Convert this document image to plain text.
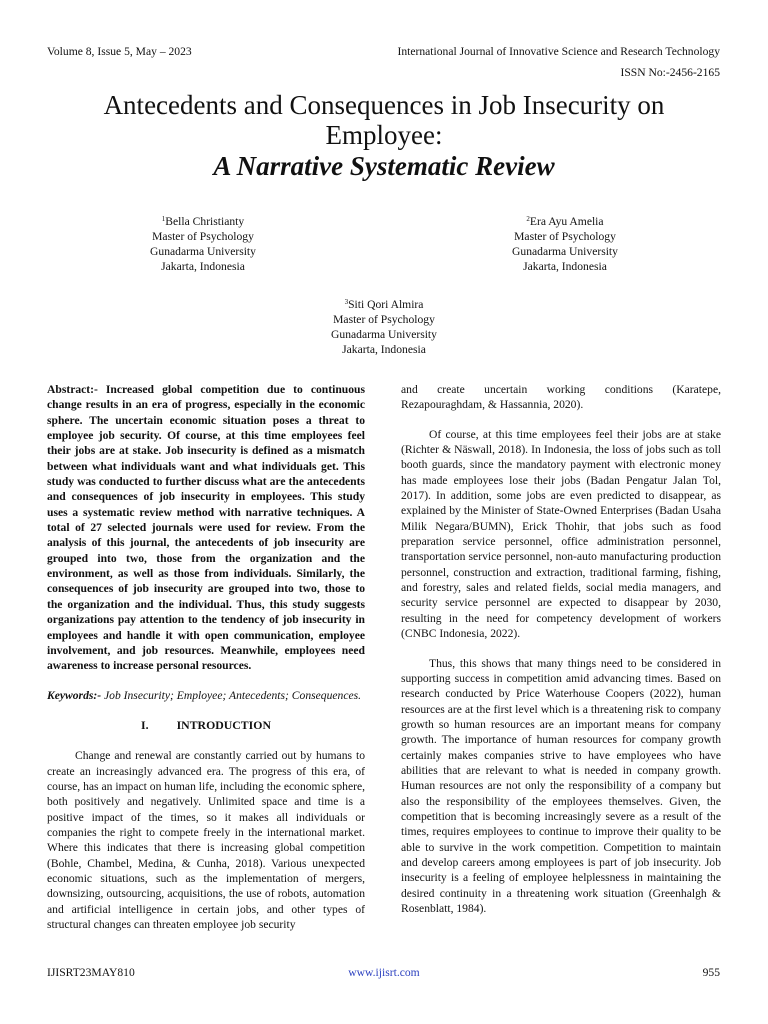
Volume 8, Issue 5, May – 2023	International Journal of Innovative Science and Research Technology
ISSN No:-2456-2165
Antecedents and Consequences in Job Insecurity on
Employee:
A Narrative Systematic Review
$^1$Bella Christianty
Master of Psychology
Gunadarma University
Jakarta, Indonesia
$^2$Era Ayu Amelia
Master of Psychology
Gunadarma University
Jakarta, Indonesia
$^3$Siti Qori Almira
Master of Psychology
Gunadarma University
Jakarta, Indonesia

Abstract:- Increased global competition due to continuous change results in an era of progress, especially in the economic sphere. The uncertain economic situation poses a threat to employee job security. Of course, at this time employees feel their jobs are at stake. Job insecurity is defined as a mismatch between what individuals want and what individuals get. This study was conducted to further discuss what are the antecedents and consequences of job insecurity in employees. This study uses a systematic review method with narrative techniques. A total of 27 selected journals were used for review. From the analysis of this journal, the antecedents of job insecurity are grouped into two, those from the organization and the environment, as well as those from individuals. Similarly, the consequences of job insecurity are grouped into two, those to the organization and the individual. Thus, this study suggests organizations pay attention to the tendency of job insecurity in employees and handle it with open communication, employee involvement, and job resources. Meanwhile, employees need awareness to increase personal resources.

Keywords:- Job Insecurity; Employee; Antecedents; Consequences.

I. INTRODUCTION

Change and renewal are constantly carried out by humans to create an increasingly advanced era. The progress of this era, of course, has an impact on human life, including the economic sphere, both positively and negatively. Unlimited space and time is a positive impact of the times, so it makes all individuals or companies the right to compete freely in the international market. Where this indicates that there is increasing global competition (Bohle, Chambel, Medina, & Cunha, 2018). Various unexpected economic situations, such as the implementation of mergers, downsizing, outsourcing, acquisitions, the use of robots, automation and artificial intelligence in certain jobs, and other types of structural changes can threaten employee job security

and create uncertain working conditions (Karatepe, Rezapouraghdam, & Hassannia, 2020).

Of course, at this time employees feel their jobs are at stake (Richter & Näswall, 2018). In Indonesia, the loss of jobs such as toll booth guards, since the mandatory payment with electronic money has made employees lose their jobs (Badan Pengatur Jalan Tol, 2017). In addition, some jobs are even predicted to disappear, as explained by the Minister of State-Owned Enterprises (Badan Usaha Milik Negara/BUMN), Erick Thohir, that jobs such as food preparation service personnel, office administration personnel, transportation service personnel, non-auto manufacturing production personnel, construction and extraction, traditional farming, fishing, and forestry, sales and related fields, social media managers, and security service personnel are expected to disappear by 2030, resulting in the need for competency development of workers (CNBC Indonesia, 2022).

Thus, this shows that many things need to be considered in supporting success in competition amid advancing times. Based on research conducted by Price Waterhouse Coopers (2022), human resources are at the first level which is a threatening risk to company growth so human resources are an important means for company growth. The importance of human resources for company growth certainly makes companies strive to have employees who have abilities that are relevant to what is needed in company growth. Human resources are not only the responsibility of a company but also the responsibility of the employees themselves. Given, the competition that is becoming increasingly severe as a result of the times, requires employees to continue to improve their quality to be able to survive in the work competition. Competition to maintain and develop careers among employees is part of job insecurity. Job insecurity is a feeling of employee helplessness in maintaining the desired continuity in a threatening work situation (Greenhalgh & Rosenblatt, 1984).

IJISRT23MAY810	www.ijisrt.com	955
